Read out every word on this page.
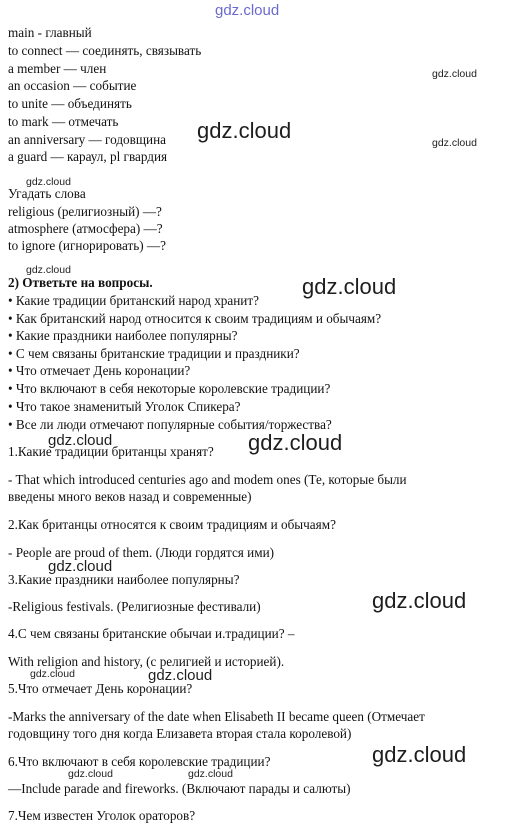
gdz.cloud
main - главный
to connect — соединять, связывать
a member — член
an occasion — событие
to unite — объединять
to mark — отмечать
an anniversary — годовщина
a guard — караул, pl гвардия
Угадать слова
religious (религиозный) —?
atmosphere (атмосфера) —?
to ignore (игнорировать) —?
2) Ответьте на вопросы.
• Какие традиции британский народ хранит?
• Как британский народ относится к своим традициям и обычаям?
• Какие праздники наиболее популярны?
• С чем связаны британские традиции и праздники?
• Что отмечает День коронации?
• Что включают в себя некоторые королевские традиции?
• Что такое знаменитый Уголок Спикера?
• Все ли люди отмечают популярные события/торжества?
1.Какие традиции британцы хранят?
- That which introduced centuries ago and modem ones (Те, которые были
введены много веков назад и современные)
2.Как британцы относятся к своим традициям и обычаям?
- People are proud of them. (Люди гордятся ими)
3.Какие праздники наиболее популярны?
-Religious festivals. (Религиозные фестивали)
4.С чем связаны британские обычаи и.традиции? –
With religion and history, (с религией и историей).
5.Что отмечает День коронации?
-Marks the anniversary of the date when Elisabeth II became queen (Отмечает
годовщину того дня когда Елизавета вторая стала королевой)
6.Что включают в себя королевские традиции?
—Include parade and fireworks. (Включают парады и салюты)
7.Чем известен Уголок ораторов?
gdz.cloud
gdz.cloud	gdz.cloud
gdz.cloud
gdz.cloud
gdz.cloud
gdz.cloud
gdz.cloud
gdz.cloud
gdz.cloud
gdz.cloud	gdz.cloud
gdz.cloud
gdz.cloud	gdz.cloud
